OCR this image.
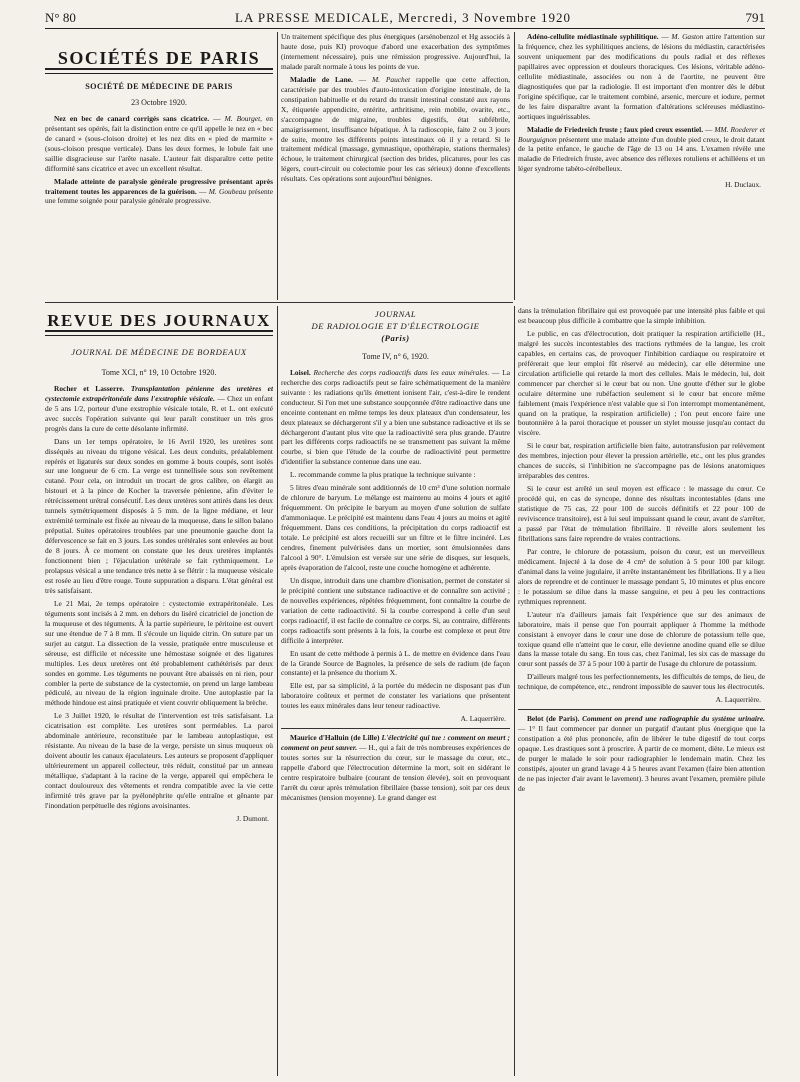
N° 80	LA PRESSE MEDICALE, Mercredi, 3 Novembre 1920	791
SOCIÉTÉS DE PARIS
SOCIÉTÉ DE MÉDECINE DE PARIS
23 Octobre 1920.

Nez en bec de canard corrigés sans cicatrice. — M. Bourget, en présentant ses opérés, fait la distinction entre ce qu'il appelle le nez en « bec de canard » (sous-cloison droite) et les nez dits en « pied de marmite » (sous-cloison presque verticale). Dans les deux formes, le lobule fait une saillie disgracieuse sur l'arête nasale. L'auteur fait disparaître cette petite difformité sans cicatrice et avec un excellent résultat.

Malade atteinte de paralysie générale progressive présentant après traitement toutes les apparences de la guérison. — M. Goubeau présente une femme soignée pour paralysie générale progressive.

Un traitement spécifique des plus énergiques (arsénobenzol et Hg associés à haute dose, puis KI) provoque d'abord une exacerbation des symptômes (internement nécessaire), puis une rémission progressive. Aujourd'hui, la malade paraît normale à tous les points de vue.

Maladie de Lane. — M. Pauchet rappelle que cette affection, caractérisée par des troubles d'auto-intoxication d'origine intestinale, de la constipation habituelle et du retard du transit intestinal constaté aux rayons X, étiquetée appendicite, entérite, arthritisme, rein mobile, ovarite, etc., s'accompagne de migraine, troubles digestifs, état subfébrile, amaigrissement, insuffisance hépatique. À la radioscopie, faite 2 ou 3 jours de suite, montre les différents points intestinaux où il y a retard. Si le traitement médical (massage, gymnastique, opothérapie, stations thermales) échoue, le traitement chirurgical (section des brides, plicatures, pour les cas légers, court-circuit ou colectomie pour les cas sérieux) donne d'excellents résultats. Ces opérations sont aujourd'hui bénignes.

Adéno-cellulite médiastinale syphilitique. — M. Gaston attire l'attention sur la fréquence, chez les syphilitiques anciens, de lésions du médiastin, caractérisées souvent uniquement par des modifications du pouls radial et des réflexes papillaires avec oppression et douleurs thoraciques. Ces lésions, véritable adéno-cellulite médiastinale, associées ou non à de l'aortite, ne peuvent être diagnostiquées que par la radiologie. Il est important d'en montrer dès le début l'origine spécifique, car le traitement combiné, arsenic, mercure et iodure, permet de les faire disparaître avant la formation d'altérations scléreuses médiastino-aortiques inguérissables.

Maladie de Friedreich fruste ; faux pied creux essentiel. — MM. Roederer et Bourguignon présentent une malade atteinte d'un double pied creux, le droit datant de la petite enfance, le gauche de l'âge de 13 ou 14 ans. L'examen révèle une maladie de Friedreich fruste, avec absence des réflexes rotuliens et achilléens et un léger syndrome tabéto-cérébelleux.

H. Duclaux.
REVUE DES JOURNAUX
JOURNAL DE MÉDECINE DE BORDEAUX
Tome XCI, n° 19, 10 Octobre 1920.

Rocher et Lasserre. Transplantation pénienne des uretères et cystectomie extrapéritonéale dans l'exstrophie vésicale. — Chez un enfant de 5 ans 1/2, porteur d'une exstrophie vésicale totale, R. et L. ont exécuté avec succès l'opération suivante qui leur paraît constituer un très gros progrès dans la cure de cette désolante infirmité.

Dans un 1er temps opératoire, le 16 Avril 1920, les uretères sont disséqués au niveau du trigone vésical. Les deux conduits, préalablement repérés et ligaturés sur deux sondes en gomme à bouts coupés, sont isolés sur une longueur de 6 cm. La verge est tunnellisée sous son revêtement cutané. Pour cela, on introduit un trocart de gros calibre, on élargit au bistouri et à la pince de Kocher la traversée pénienne, afin d'éviter le rétrécissement urétral consécutif. Les deux uretères sont attirés dans les deux tunnels symétriquement disposés à 5 mm. de la ligne médiane, et leur extrémité terminale est fixée au niveau de la muqueuse, dans le sillon balano préputial. Suites opératoires troublées par une pneumonie gauche dont la défervescence se fait en 3 jours. Les sondes urétérales sont enlevées au bout de 8 jours. À ce moment on constate que les deux uretères implantés fonctionnent bien ; l'éjaculation urétérale se fait rythmiquement. Le prolapsus vésical a une tendance très nette à se flétrir : la muqueuse vésicale est rosée au lieu d'être rouge. Toute suppuration a disparu. L'état général est très satisfaisant.

Le 21 Mai, 2e temps opératoire : cystectomie extrapéritonéale. Les téguments sont incisés à 2 mm. en dehors du liséré cicatriciel de jonction de la muqueuse et des téguments. À la partie supérieure, le péritoine est ouvert sur une étendue de 7 à 8 mm. Il s'écoule un liquide citrin. On suture par un surjet au catgut. La dissection de la vessie, pratiquée entre musculeuse et séreuse, est difficile et nécessite une hémostase soignée et des ligatures multiples. Les deux uretères ont été probablement cathétérisés par deux sondes en gomme. Les téguments ne pouvant être abaissés en ni rien, pour combler la perte de substance de la cystectomie, on prend un large lambeau pédiculé, au niveau de la région inguinale droite. Une autoplastie par la méthode hindoue est ainsi pratiquée et vient couvrir obliquement la brèche.

Le 3 Juillet 1920, le résultat de l'intervention est très satisfaisant. La cicatrisation est complète. Les uretères sont perméables. La paroi abdominale antérieure, reconstituée par le lambeau autoplastique, est résistante. Au niveau de la base de la verge, persiste un sinus muqueux où doivent aboutir les canaux éjaculateurs. Les auteurs se proposent d'appliquer ultérieurement un appareil collecteur, très réduit, constitué par un anneau métallique, s'adaptant à la racine de la verge, appareil qui empêchera le contact douloureux des vêtements et rendra compatible avec la vie cette infirmité très grave par la pyélonéphrite qu'elle entraîne et gênante par l'inondation perpétuelle des régions avoisinantes.

J. Dumont.
JOURNAL
DE RADIOLOGIE ET D'ÉLECTROLOGIE
(Paris)
Tome IV, n° 6, 1920.

Loisel. Recherche des corps radioactifs dans les eaux minérales. — La recherche des corps radioactifs peut se faire schématiquement de la manière suivante : les radiations qu'ils émettent ionisent l'air, c'est-à-dire le rendent conducteur. Si l'on met une substance soupçonnée d'être radioactive dans une enceinte contenant en même temps les deux plateaux d'un condensateur, les deux plateaux se déchargeront s'il y a bien une substance radioactive et ils se déchargeront d'autant plus vite que la radioactivité sera plus grande. D'autre part les différents corps radioactifs ne se transmettent pas suivant la même courbe, si bien que l'étude de la courbe de radioactivité peut permettre d'identifier la substance contenue dans une eau.

L. recommande comme la plus pratique la technique suivante :

5 litres d'eau minérale sont additionnés de 10 cm³ d'une solution normale de chlorure de baryum. Le mélange est maintenu au moins 4 jours et agité fréquemment. On précipite le baryum au moyen d'une solution de sulfate d'ammoniaque. Le précipité est maintenu dans l'eau 4 jours au moins et agité fréquemment. Dans ces conditions, la précipitation du corps radioactif est totale. Le précipité est alors recueilli sur un filtre et le filtre incinéré. Les cendres, finement pulvérisées dans un mortier, sont émulsionnées dans l'alcool à 90°. L'émulsion est versée sur une série de disques, sur lesquels, après évaporation de l'alcool, reste une couche homogène et adhérente.

Un disque, introduit dans une chambre d'ionisation, permet de constater si le précipité contient une substance radioactive et de connaître son activité ; de nouvelles expériences, répétées fréquemment, font connaître la courbe de variation de cette radioactivité. Si la courbe correspond à celle d'un seul corps radioactif, il est facile de connaître ce corps. Si, au contraire, différents corps radioactifs sont présents à la fois, la courbe est complexe et peut être difficile à interpréter.

En usant de cette méthode à permis à L. de mettre en évidence dans l'eau de la Grande Source de Bagnoles, la présence de sels de radium (de façon constante) et la présence du thorium X.

Elle est, par sa simplicité, à la portée du médecin ne disposant pas d'un laboratoire coûteux et permet de constater les variations que présentent toutes les eaux minérales dans leur teneur radioactive.

A. Laquerrière.

Maurice d'Halluin (de Lille) L'électricité qui tue : comment on meurt ; comment on peut sauver. — H., qui a fait de très nombreuses expériences de toutes sortes sur la résurrection du cœur, sur le massage du cœur, etc., rappelle d'abord que l'électrocution détermine la mort, soit en sidérant le centre respiratoire bulbaire (courant de tension élevée), soit en provoquant l'arrêt du cœur après trémulation fibrillaire (basse tension), soit par ces deux mécanismes (tension moyenne). Le grand danger est

dans la trémulation fibrillaire qui est provoquée par une intensité plus faible et qui est beaucoup plus difficile à combattre que la simple inhibition.

Le public, en cas d'électrocution, doit pratiquer la respiration artificielle (H., malgré les succès incontestables des tractions rythmées de la langue, les croit capables, en certains cas, de provoquer l'inhibition cardiaque ou respiratoire et préférerait que leur emploi fût réservé au médecin), car elle détermine une circulation artificielle qui retarde la mort des cellules. Mais le médecin, lui, doit commencer par chercher si le cœur bat ou non. Une goutte d'éther sur le globe oculaire détermine une rubéfaction seulement si le cœur bat encore même faiblement (mais l'expérience n'est valable que si l'on interrompt momentanément, quand on la pratique, la respiration artificielle) ; l'on peut encore faire une boutonnière à la paroi thoracique et pousser un stylet mousse jusqu'au contact du viscère.

Si le cœur bat, respiration artificielle bien faite, autotransfusion par relèvement des membres, injection pour élever la pression artérielle, etc., ont les plus grandes chances de succès, si l'inhibition ne s'accompagne pas de lésions anatomiques irréparables des centres.

Si le cœur est arrêté un seul moyen est efficace : le massage du cœur. Ce procédé qui, en cas de syncope, donne des résultats incontestables (dans une statistique de 75 cas, 22 pour 100 de succès définitifs et 22 pour 100 de reviviscence transitoire), est à lui seul impuissant quand le cœur, avant de s'arrêter, a passé par l'état de trémulation fibrillaire. Il réveille alors seulement les fibrillations sans faire reprendre de vraies contractions.

Par contre, le chlorure de potassium, poison du cœur, est un merveilleux médicament. Injecté à la dose de 4 cm³ de solution à 5 pour 100 par kilogr. d'animal dans la veine jugulaire, il arrête instantanément les fibrillations. Il y a lieu alors de reprendre et de continuer le massage pendant 5, 10 minutes et plus encore : le potassium se dilue dans la masse sanguine, et peu à peu les contractions rythmiques reprennent.

L'auteur n'a d'ailleurs jamais fait l'expérience que sur des animaux de laboratoire, mais il pense que l'on pourrait appliquer à l'homme la méthode consistant à envoyer dans le cœur une dose de chlorure de potassium telle que, toxique quand elle n'atteint que le cœur, elle devienne anodine quand elle se dilue dans la masse totale du sang. En tous cas, chez l'animal, les six cas de massage du cœur sont passés de 37 à 5 pour 100 à partir de l'usage du chlorure de potassium.

D'ailleurs malgré tous les perfectionnements, les difficultés de temps, de lieu, de technique, de compétence, etc., rendront impossible de sauver tous les électrocutés.

A. Laquerrière.

Belot (de Paris). Comment on prend une radiographie du système urinaire. — 1° Il faut commencer par donner un purgatif d'autant plus énergique que la constipation a été plus prononcée, afin de libérer le tube digestif de tout corps opaque. Les drastiques sont à proscrire. À partir de ce moment, diète. Le mieux est de purger le malade le soir pour radiographier le lendemain matin. Chez les constipés, ajouter un grand lavage 4 à 5 heures avant l'examen (faire bien attention de ne pas injecter d'air avant le lavement). 3 heures avant l'examen, première pilule de
